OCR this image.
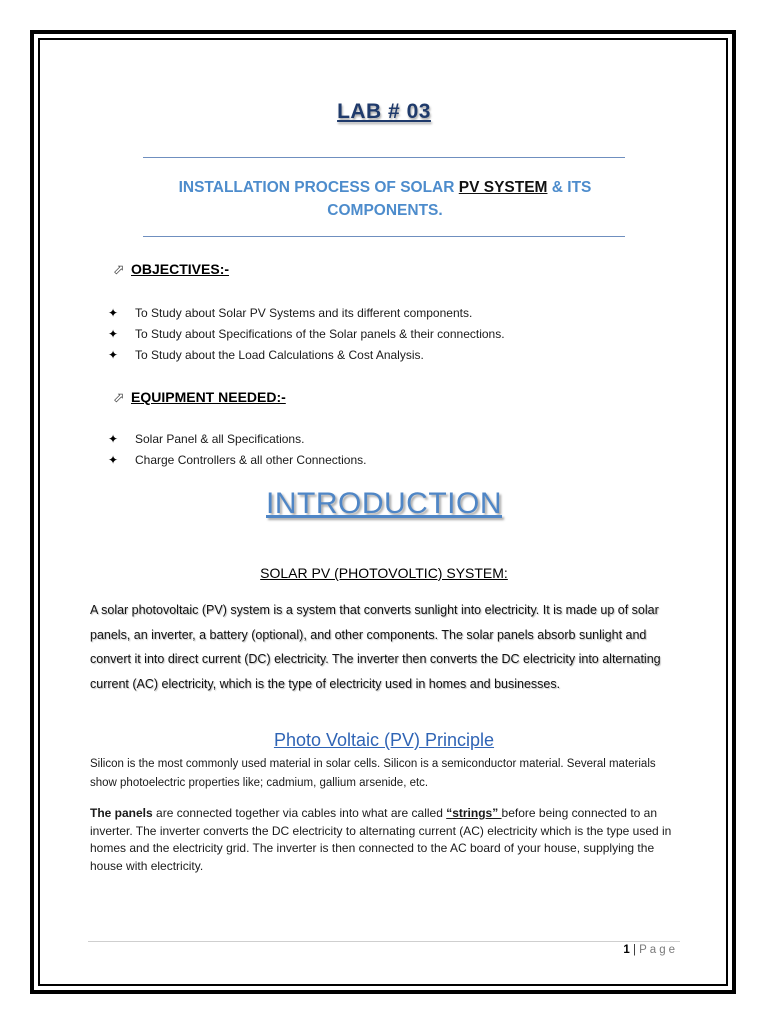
LAB # 03
INSTALLATION PROCESS OF SOLAR PV SYSTEM & ITS COMPONENTS.
⬀ OBJECTIVES:-
✦ To Study about Solar PV Systems and its different components.
✦ To Study about Specifications of the Solar panels & their connections.
✦ To Study about the Load Calculations & Cost Analysis.
⬀ EQUIPMENT NEEDED:-
✦ Solar Panel & all Specifications.
✦ Charge Controllers & all other Connections.
INTRODUCTION
SOLAR PV (PHOTOVOLTIC) SYSTEM:
A solar photovoltaic (PV) system is a system that converts sunlight into electricity. It is made up of solar panels, an inverter, a battery (optional), and other components. The solar panels absorb sunlight and convert it into direct current (DC) electricity. The inverter then converts the DC electricity into alternating current (AC) electricity, which is the type of electricity used in homes and businesses.
Photo Voltaic (PV) Principle
Silicon is the most commonly used material in solar cells. Silicon is a semiconductor material. Several materials show photoelectric properties like; cadmium, gallium arsenide, etc.
The panels are connected together via cables into what are called “strings” before being connected to an inverter. The inverter converts the DC electricity to alternating current (AC) electricity which is the type used in homes and the electricity grid. The inverter is then connected to the AC board of your house, supplying the house with electricity.
1 | Page
